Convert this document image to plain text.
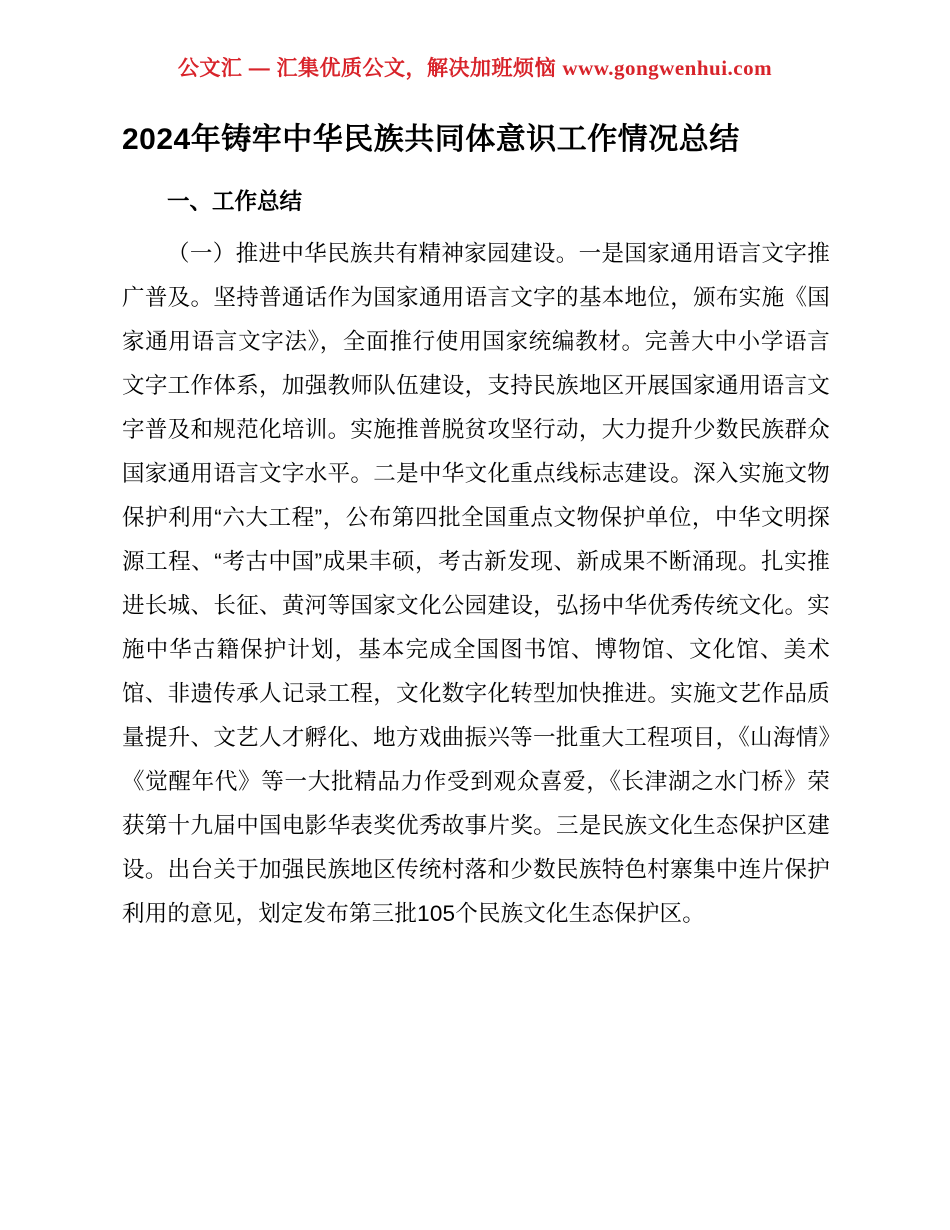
公文汇 — 汇集优质公文，解决加班烦恼 www.gongwenhui.com
2024年铸牢中华民族共同体意识工作情况总结
一、工作总结

（一）推进中华民族共有精神家园建设。一是国家通用语言文字推广普及。坚持普通话作为国家通用语言文字的基本地位，颁布实施《国家通用语言文字法》，全面推行使用国家统编教材。完善大中小学语言文字工作体系，加强教师队伍建设，支持民族地区开展国家通用语言文字普及和规范化培训。实施推普脱贫攻坚行动，大力提升少数民族群众国家通用语言文字水平。二是中华文化重点线标志建设。深入实施文物保护利用“六大工程”，公布第四批全国重点文物保护单位，中华文明探源工程、“考古中国”成果丰硕，考古新发现、新成果不断涌现。扎实推进长城、长征、黄河等国家文化公园建设，弘扬中华优秀传统文化。实施中华古籍保护计划，基本完成全国图书馆、博物馆、文化馆、美术馆、非遗传承人记录工程，文化数字化转型加快推进。实施文艺作品质量提升、文艺人才孵化、地方戏曲振兴等一批重大工程项目，《山海情》《觉醒年代》等一大批精品力作受到观众喜爱，《长津湖之水门桥》荣获第十九届中国电影华表奖优秀故事片奖。三是民族文化生态保护区建设。出台关于加强民族地区传统村落和少数民族特色村寨集中连片保护利用的意见，划定发布第三批105个民族文化生态保护区。
